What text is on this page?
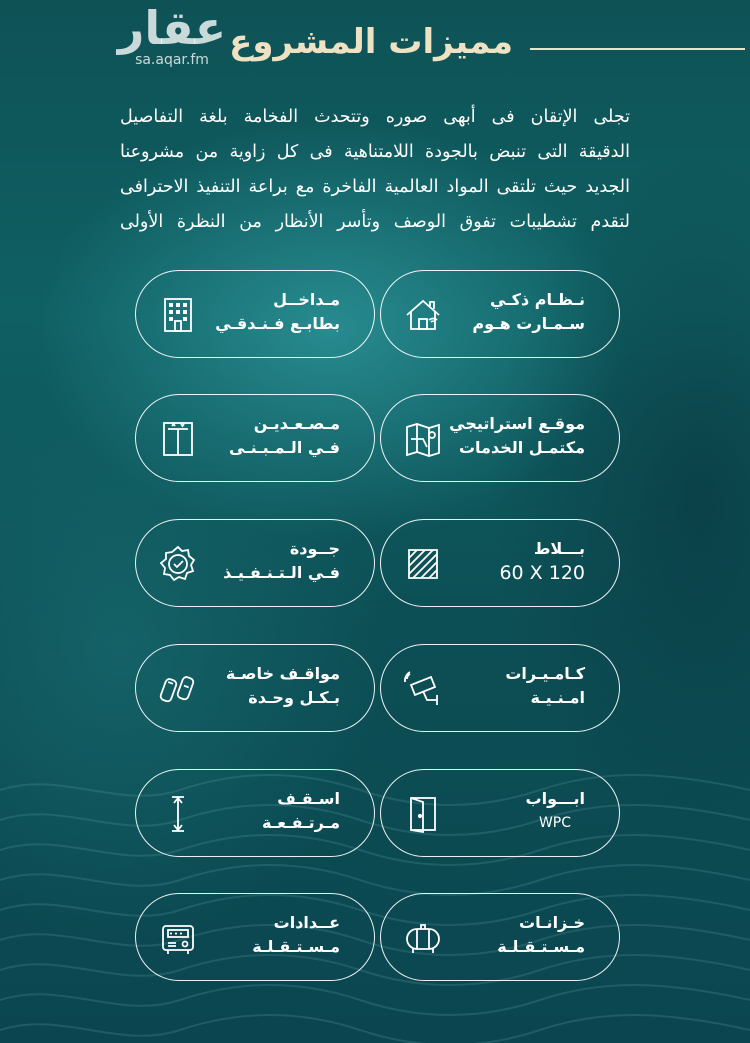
عقار
sa.aqar.fm مميزات المشروع

تجلى الإتقان فى أبهى صوره وتتحدث الفخامة بلغة التفاصيل

الدقيقة التى تنبض بالجودة اللامتناهية فى كل زاوية من مشروعنا

الجديد حيث تلتقى المواد العالمية الفاخرة مع براعة التنفيذ الاحترافى

لتقدم تشطيبات تفوق الوصف وتأسر الأنظار من النظرة الأولى

نـظـام ذكـي
سـمـارت هـوم
مـداخــل
بطابـع فـنـدقـي
موقـع استراتيجي
مكتمـل الخدمات
مـصـعـديـن
فـي الـمـبـنـى
بـــلاط
60 X 120
جــودة
فـي الـتـنـفـيـذ
كـامـيـرات
امـنـيـة
مواقـف خاصـة
بـكـل وحـدة
ابـــواب
WPC
اسـقـف
مـرتـفـعـة
خـزانـات
مـسـتـقـلـة
عــدادات
مـسـتـقـلـة
